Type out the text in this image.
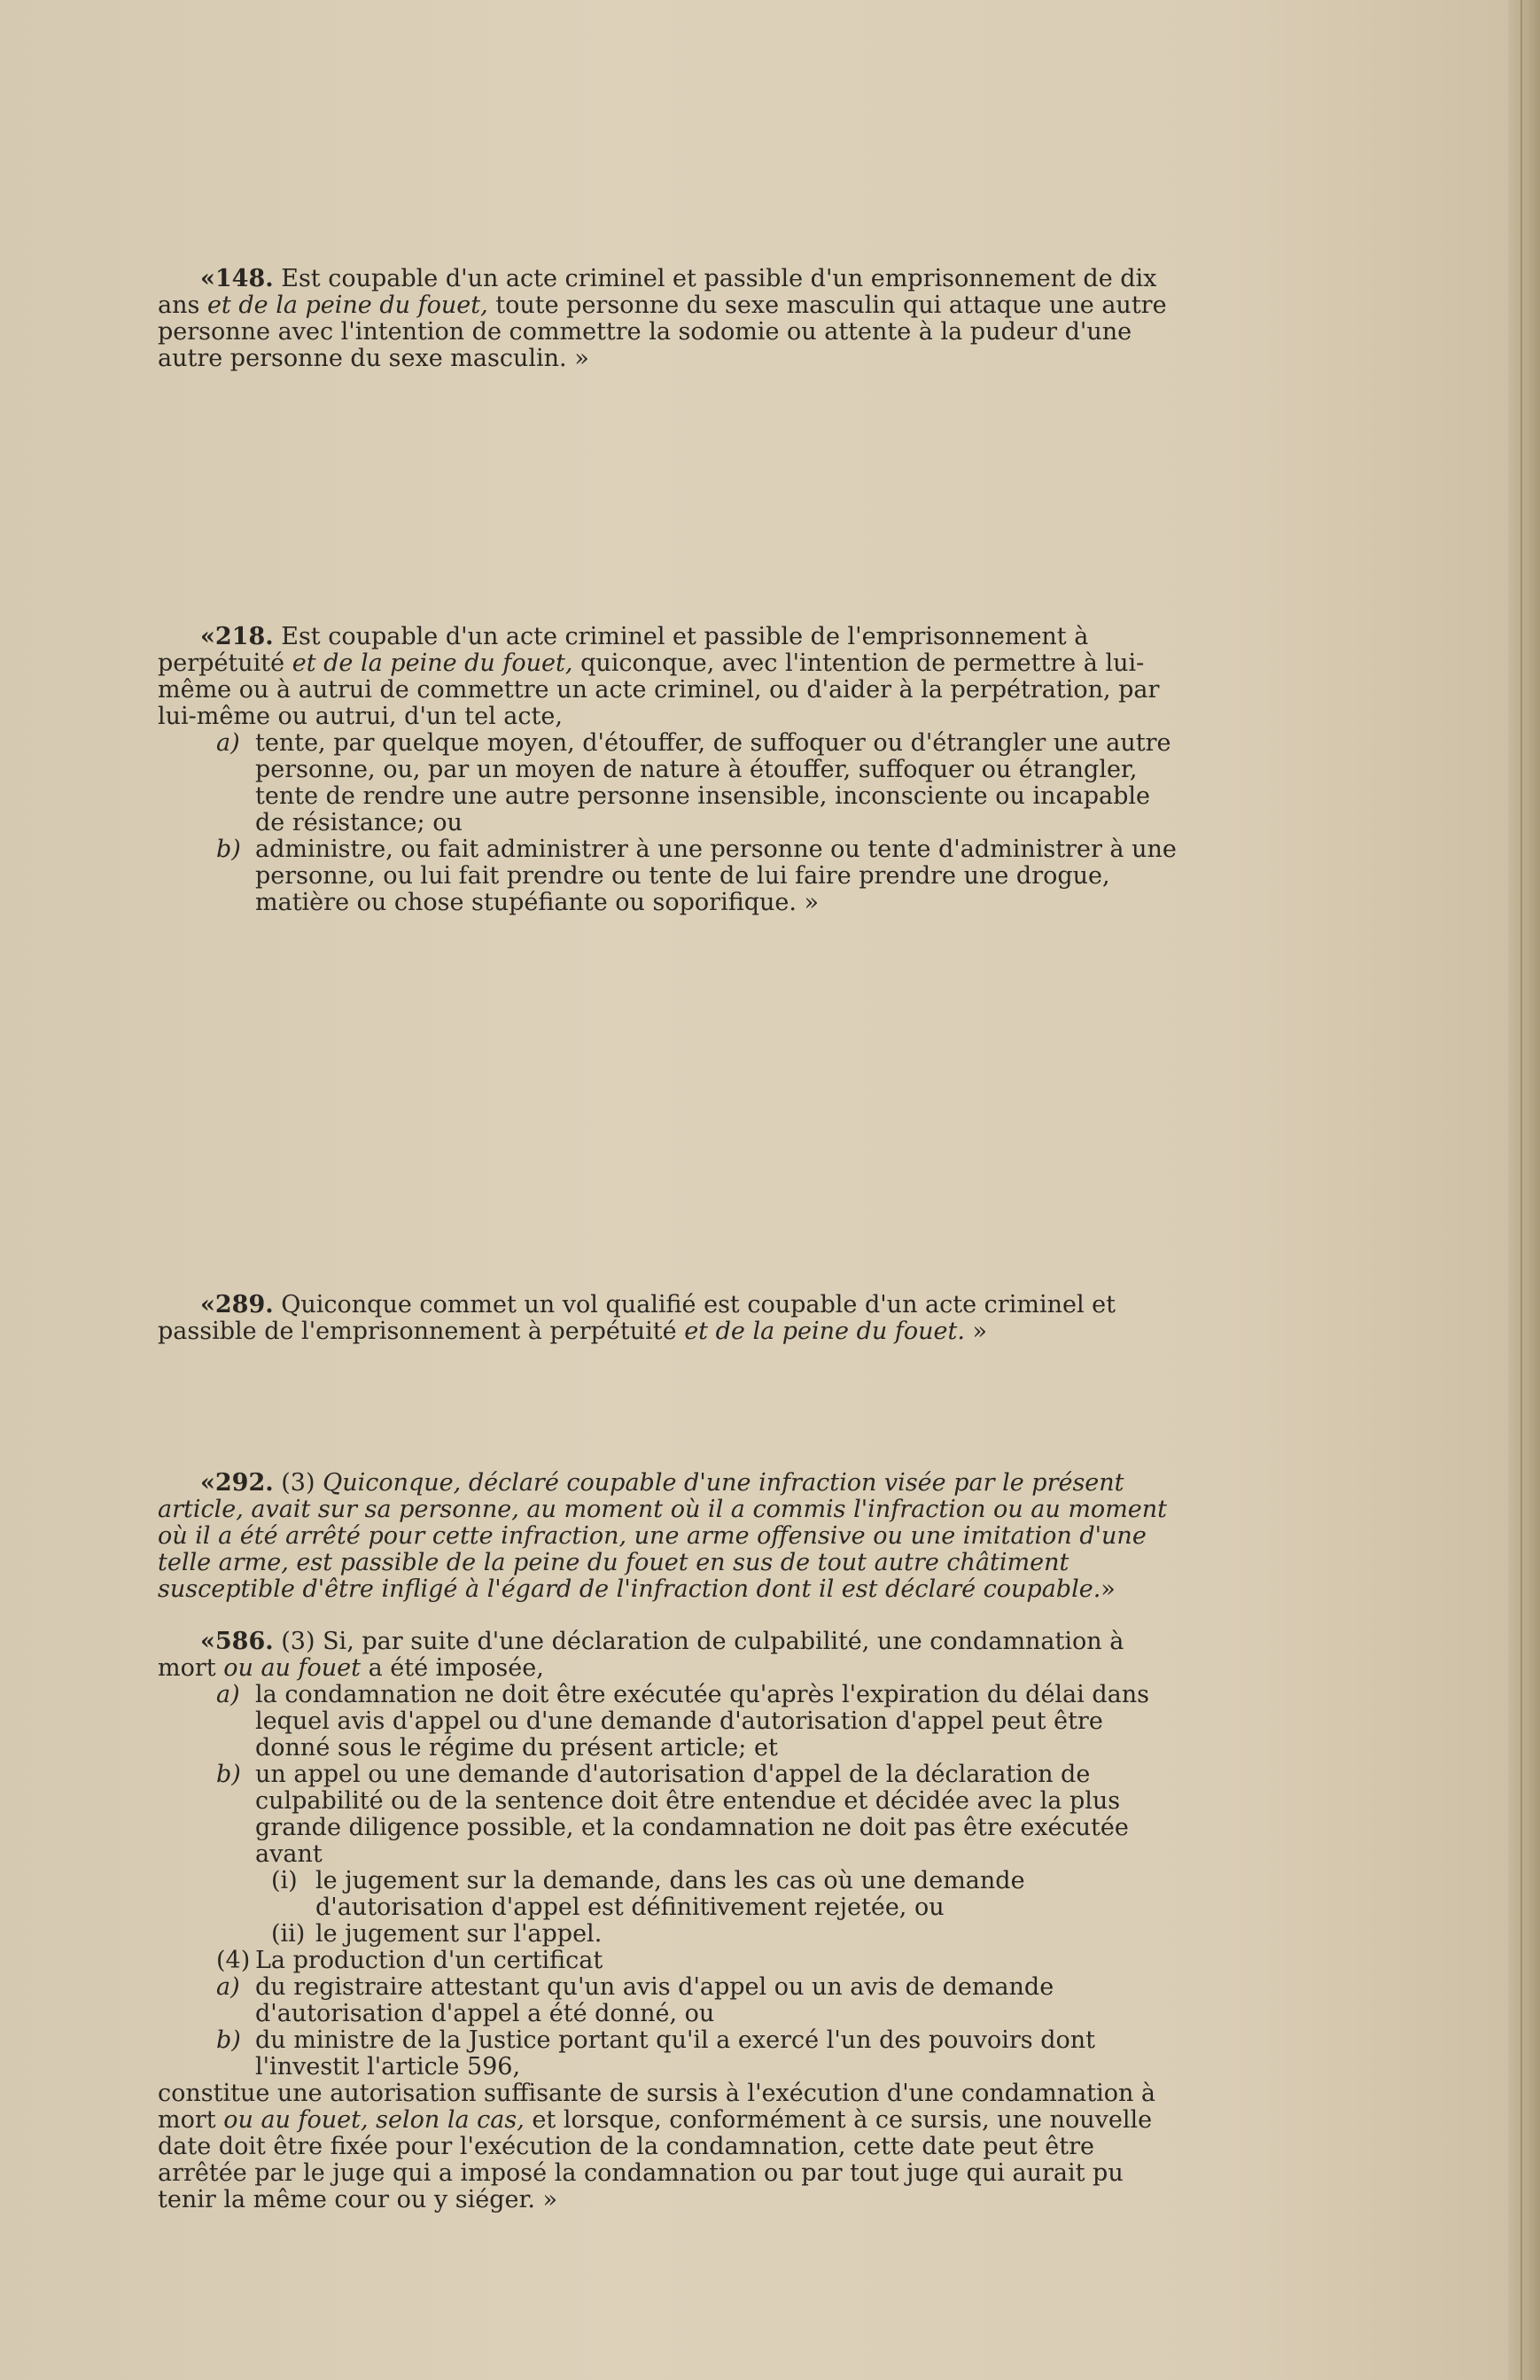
«148. Est coupable d'un acte criminel et passible d'un emprisonnement de dix ans et de la peine du fouet, toute personne du sexe masculin qui attaque une autre personne avec l'intention de commettre la sodomie ou attente à la pudeur d'une autre personne du sexe masculin. »

«218. Est coupable d'un acte criminel et passible de l'emprisonnement à perpétuité et de la peine du fouet, quiconque, avec l'intention de permettre à lui-même ou à autrui de commettre un acte criminel, ou d'aider à la perpétration, par lui-même ou autrui, d'un tel acte,

a) tente, par quelque moyen, d'étouffer, de suffoquer ou d'étrangler une autre personne, ou, par un moyen de nature à étouffer, suffoquer ou étrangler, tente de rendre une autre personne insensible, inconsciente ou incapable de résistance; ou
b) administre, ou fait administrer à une personne ou tente d'administrer à une personne, ou lui fait prendre ou tente de lui faire prendre une drogue, matière ou chose stupéfiante ou soporifique. »

«289. Quiconque commet un vol qualifié est coupable d'un acte criminel et passible de l'emprisonnement à perpétuité et de la peine du fouet. »

«292. (3) Quiconque, déclaré coupable d'une infraction visée par le présent article, avait sur sa personne, au moment où il a commis l'infraction ou au moment où il a été arrêté pour cette infraction, une arme offensive ou une imitation d'une telle arme, est passible de la peine du fouet en sus de tout autre châtiment susceptible d'être infligé à l'égard de l'infraction dont il est déclaré coupable.»

«586. (3) Si, par suite d'une déclaration de culpabilité, une condamnation à mort ou au fouet a été imposée,

a) la condamnation ne doit être exécutée qu'après l'expiration du délai dans lequel avis d'appel ou d'une demande d'autorisation d'appel peut être donné sous le régime du présent article; et
b) un appel ou une demande d'autorisation d'appel de la déclaration de culpabilité ou de la sentence doit être entendue et décidée avec la plus grande diligence possible, et la condamnation ne doit pas être exécutée avant
(i) le jugement sur la demande, dans les cas où une demande d'autorisation d'appel est définitivement rejetée, ou
(ii) le jugement sur l'appel.
(4) La production d'un certificat
a) du registraire attestant qu'un avis d'appel ou un avis de demande d'autorisation d'appel a été donné, ou
b) du ministre de la Justice portant qu'il a exercé l'un des pouvoirs dont l'investit l'article 596,

constitue une autorisation suffisante de sursis à l'exécution d'une condamnation à mort ou au fouet, selon la cas, et lorsque, conformément à ce sursis, une nouvelle date doit être fixée pour l'exécution de la condamnation, cette date peut être arrêtée par le juge qui a imposé la condamnation ou par tout juge qui aurait pu tenir la même cour ou y siéger. »
